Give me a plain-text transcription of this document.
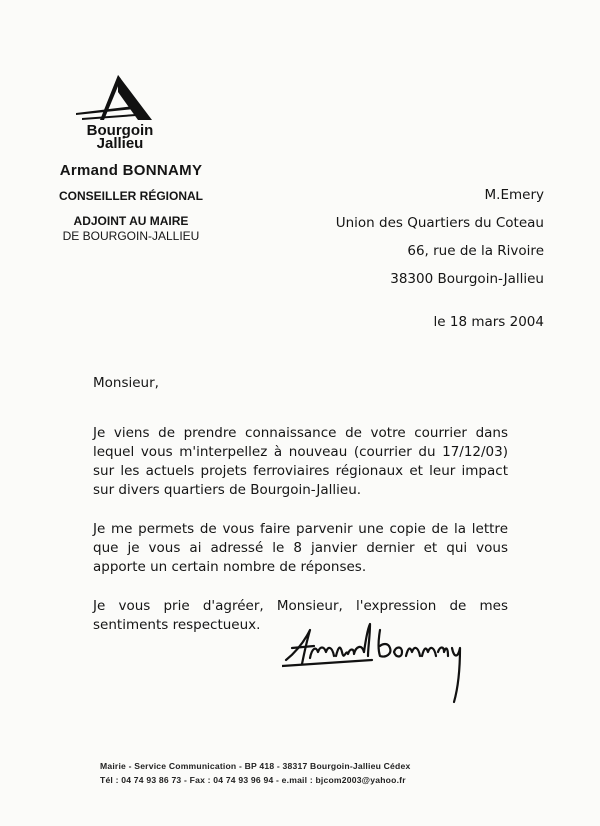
Bourgoin
Jallieu
Armand BONNAMY
CONSEILLER RÉGIONAL
ADJOINT AU MAIRE
DE BOURGOIN-JALLIEU
M.Emery
Union des Quartiers du Coteau
66, rue de la Rivoire
38300 Bourgoin-Jallieu
le 18 mars 2004

Monsieur,

Je viens de prendre connaissance de votre courrier dans lequel vous m'interpellez à nouveau (courrier du 17/12/03) sur les actuels projets ferroviaires régionaux et leur impact sur divers quartiers de Bourgoin-Jallieu.

Je me permets de vous faire parvenir une copie de la lettre que je vous ai adressé le 8 janvier dernier et qui vous apporte un certain nombre de réponses.

Je vous prie d'agréer, Monsieur, l'expression de mes sentiments respectueux.

Mairie - Service Communication - BP 418 - 38317 Bourgoin-Jallieu Cédex
Tél : 04 74 93 86 73 - Fax : 04 74 93 96 94 - e.mail : bjcom2003@yahoo.fr
